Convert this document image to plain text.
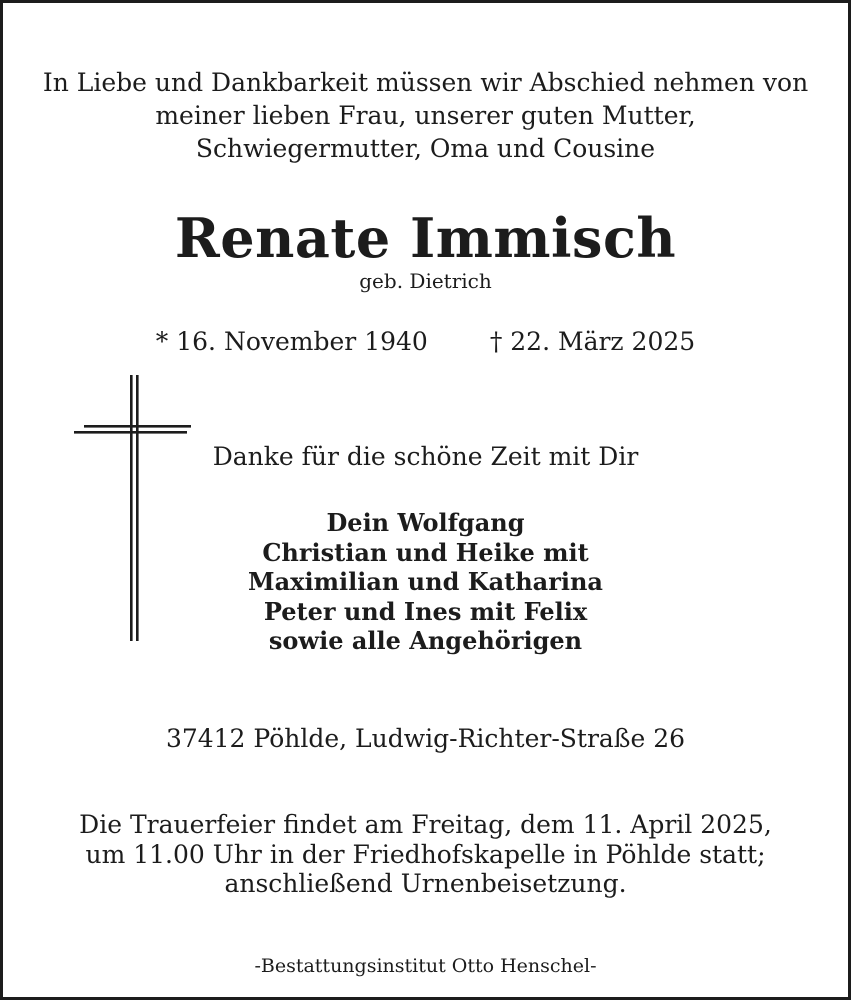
In Liebe und Dankbarkeit müssen wir Abschied nehmen von
meiner lieben Frau, unserer guten Mutter,
Schwiegermutter, Oma und Cousine
Renate Immisch
geb. Dietrich
* 16. November 1940 † 22. März 2025
Danke für die schöne Zeit mit Dir
Dein Wolfgang
Christian und Heike mit
Maximilian und Katharina
Peter und Ines mit Felix
sowie alle Angehörigen
37412 Pöhlde, Ludwig-Richter-Straße 26
Die Trauerfeier findet am Freitag, dem 11. April 2025,
um 11.00 Uhr in der Friedhofskapelle in Pöhlde statt;
anschließend Urnenbeisetzung.
-Bestattungsinstitut Otto Henschel-
